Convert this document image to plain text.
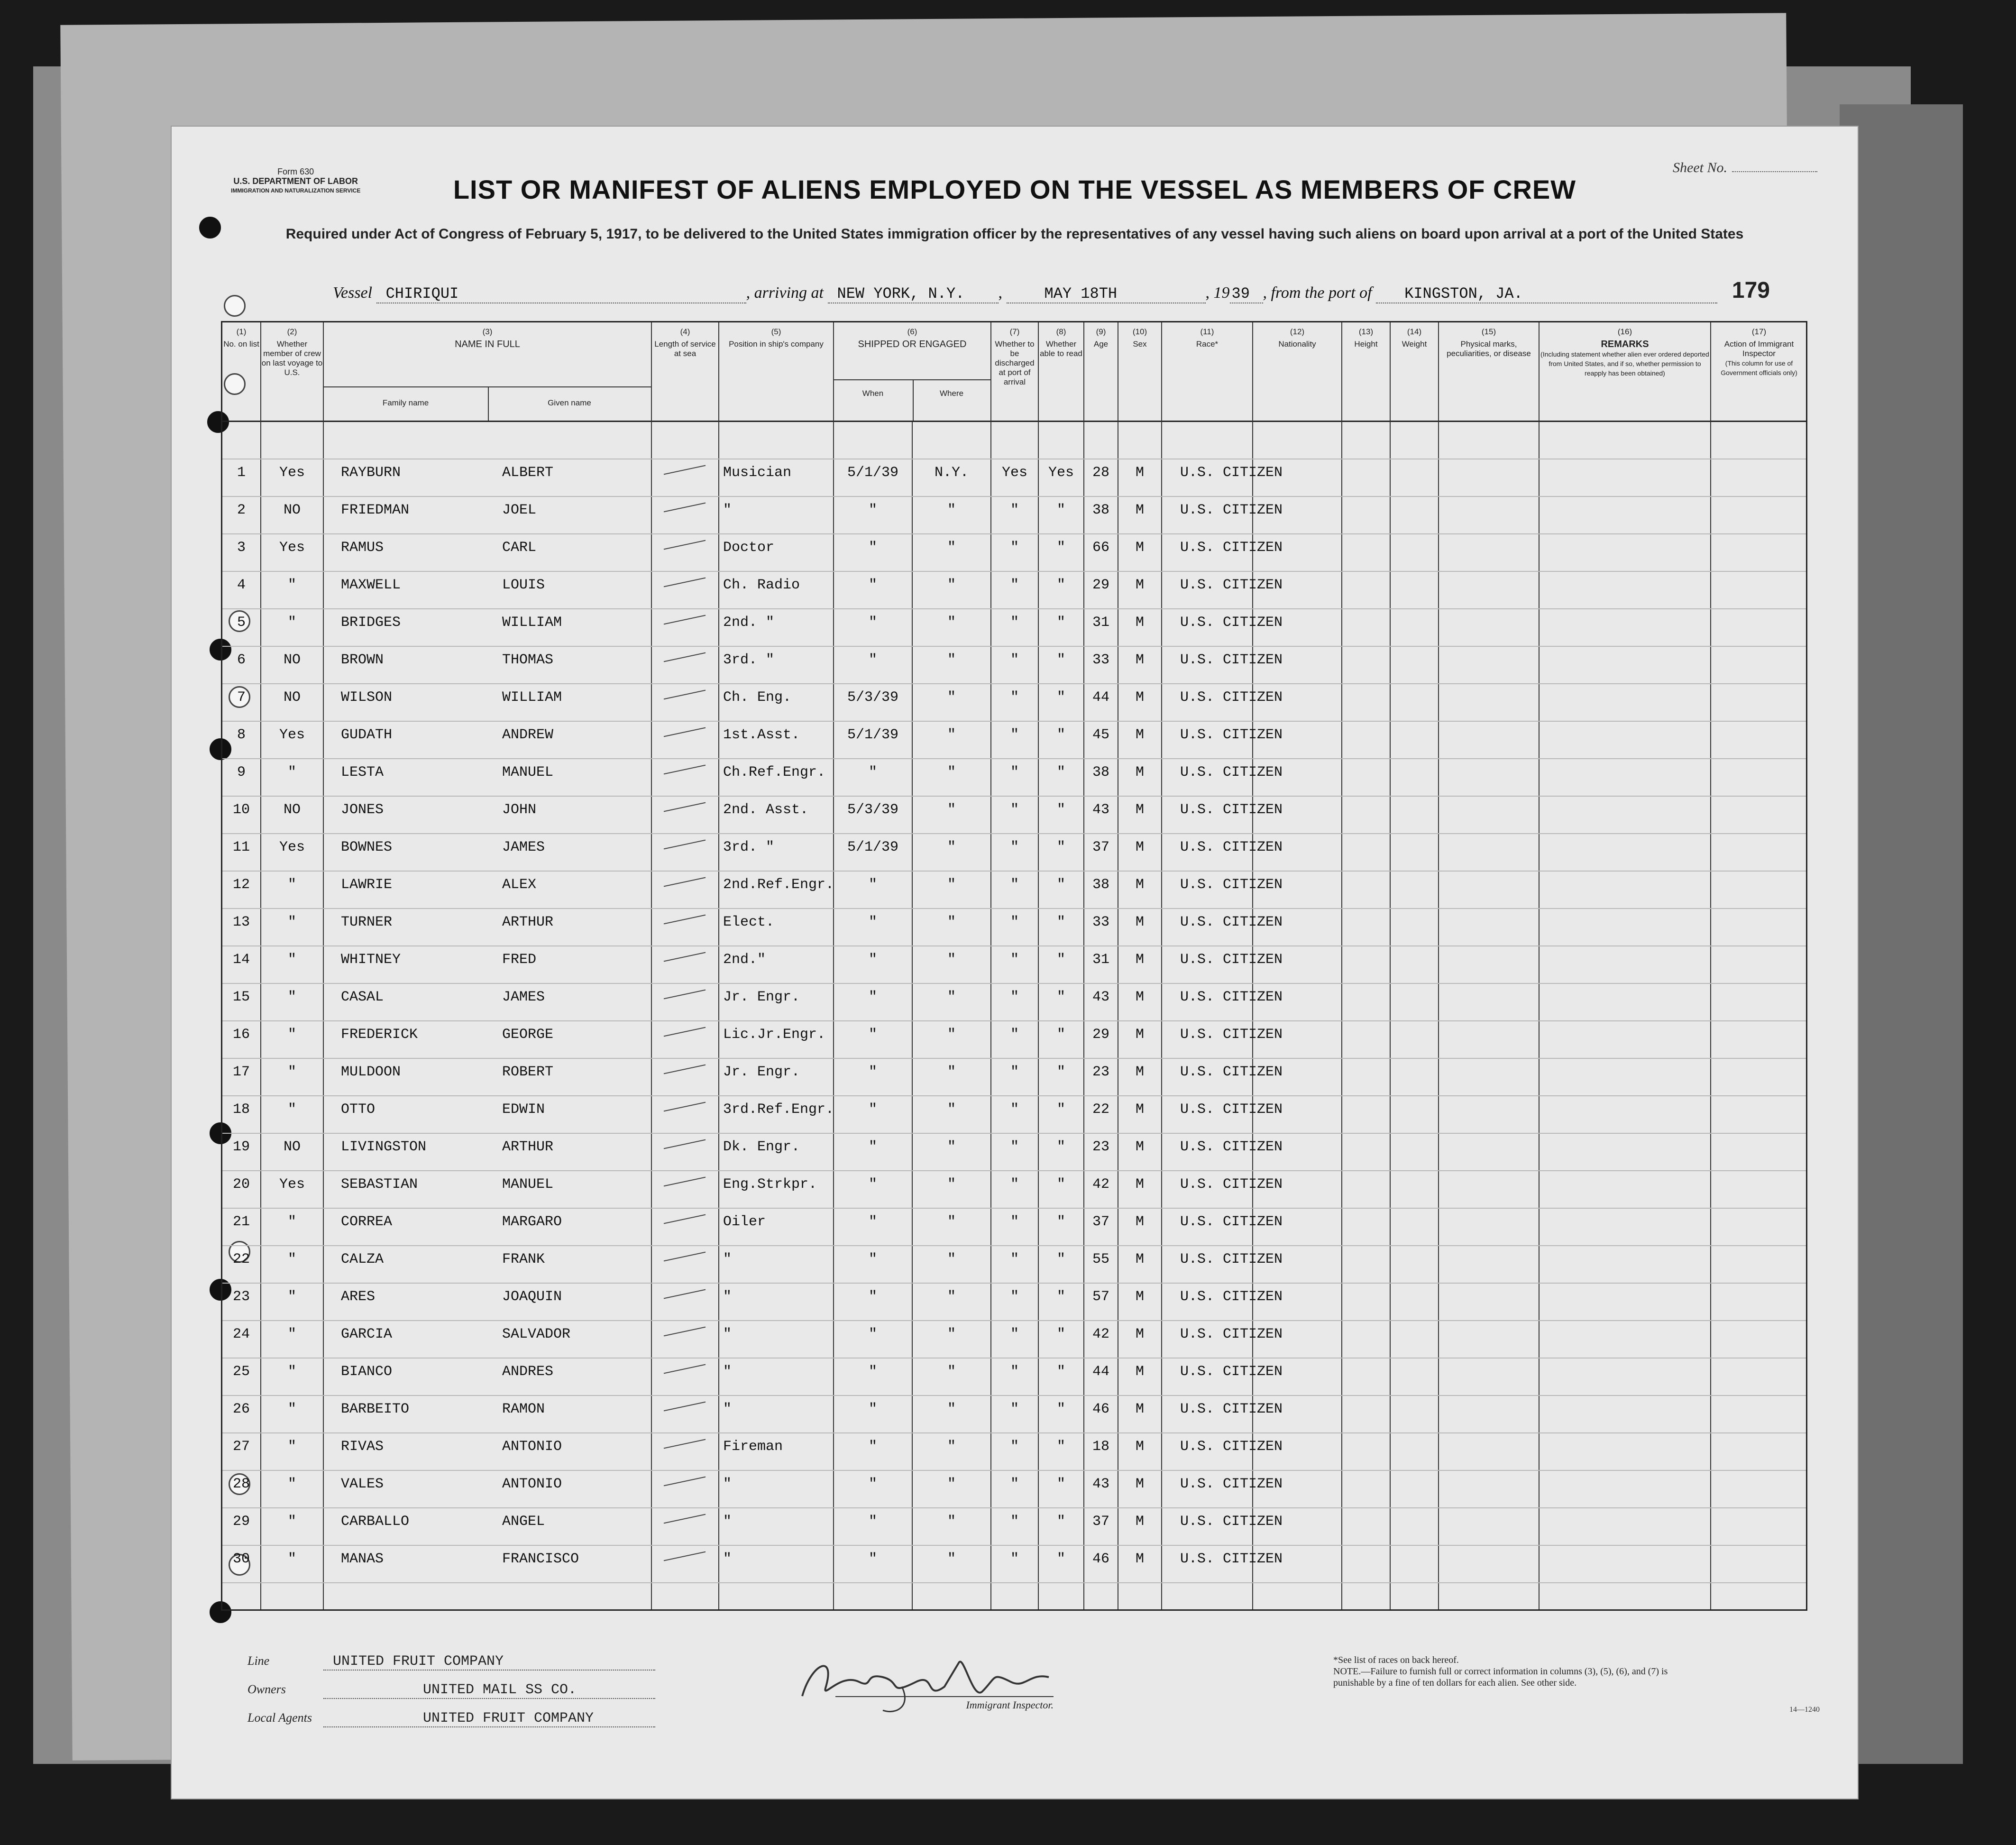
Form 630
U.S. DEPARTMENT OF LABOR
IMMIGRATION AND NATURALIZATION SERVICE
Sheet No.
LIST OR MANIFEST OF ALIENS EMPLOYED ON THE VESSEL AS MEMBERS OF CREW
Required under Act of Congress of February 5, 1917, to be delivered to the United States immigration officer by the representatives of any vessel having such aliens on board upon arrival at a port of the United States
Vessel CHIRIQUI	, arriving at NEW YORK, N.Y. ,	MAY 18TH	, 19 39 , from the port of KINGSTON, JA.	179
(1)
No. on list
(2)
Whether member of crew on last voyage to U.S.
(3)
NAME IN FULL
Family name	Given name
(4)
Length of service at sea
(5)
Position in ship's company
(6)
SHIPPED OR ENGAGED
When	Where
(7)
Whether to be discharged at port of arrival
(8)
Whether able to read
(9)
Age
(10)
Sex
(11)
Race*
(12)
Nationality
(13)
Height
(14)
Weight
(15)
Physical marks, peculiarities, or disease
(16)
REMARKS
(Including statement whether alien ever ordered deported from United States, and if so, whether permission to reapply has been obtained)
(17)
Action of Immigrant Inspector
(This column for use of Government officials only)
1	Yes	RAYBURN	ALBERT	Musician	5/1/39	N.Y.	Yes	Yes	28	M	U.S. CITIZEN
2	NO	FRIEDMAN	JOEL	"	"	"	"	"	38	M	U.S. CITIZEN
3	Yes	RAMUS	CARL	Doctor	"	"	"	"	66	M	U.S. CITIZEN
4	"	MAXWELL	LOUIS	Ch. Radio	"	"	"	"	29	M	U.S. CITIZEN
5	"	BRIDGES	WILLIAM	2nd. "	"	"	"	"	31	M	U.S. CITIZEN
6	NO	BROWN	THOMAS	3rd. "	"	"	"	"	33	M	U.S. CITIZEN
7	NO	WILSON	WILLIAM	Ch. Eng.	5/3/39	"	"	"	44	M	U.S. CITIZEN
8	Yes	GUDATH	ANDREW	1st.Asst.	5/1/39	"	"	"	45	M	U.S. CITIZEN
9	"	LESTA	MANUEL	Ch.Ref.Engr.	"	"	"	"	38	M	U.S. CITIZEN
10	NO	JONES	JOHN	2nd. Asst.	5/3/39	"	"	"	43	M	U.S. CITIZEN
11	Yes	BOWNES	JAMES	3rd. "	5/1/39	"	"	"	37	M	U.S. CITIZEN
12	"	LAWRIE	ALEX	2nd.Ref.Engr.	"	"	"	"	38	M	U.S. CITIZEN
13	"	TURNER	ARTHUR	Elect.	"	"	"	"	33	M	U.S. CITIZEN
14	"	WHITNEY	FRED	2nd."	"	"	"	"	31	M	U.S. CITIZEN
15	"	CASAL	JAMES	Jr. Engr.	"	"	"	"	43	M	U.S. CITIZEN
16	"	FREDERICK	GEORGE	Lic.Jr.Engr.	"	"	"	"	29	M	U.S. CITIZEN
17	"	MULDOON	ROBERT	Jr. Engr.	"	"	"	"	23	M	U.S. CITIZEN
18	"	OTTO	EDWIN	3rd.Ref.Engr.	"	"	"	"	22	M	U.S. CITIZEN
19	NO	LIVINGSTON	ARTHUR	Dk. Engr.	"	"	"	"	23	M	U.S. CITIZEN
20	Yes	SEBASTIAN	MANUEL	Eng.Strkpr.	"	"	"	"	42	M	U.S. CITIZEN
21	"	CORREA	MARGARO	Oiler	"	"	"	"	37	M	U.S. CITIZEN
22	"	CALZA	FRANK	"	"	"	"	"	55	M	U.S. CITIZEN
23	"	ARES	JOAQUIN	"	"	"	"	"	57	M	U.S. CITIZEN
24	"	GARCIA	SALVADOR	"	"	"	"	"	42	M	U.S. CITIZEN
25	"	BIANCO	ANDRES	"	"	"	"	"	44	M	U.S. CITIZEN
26	"	BARBEITO	RAMON	"	"	"	"	"	46	M	U.S. CITIZEN
27	"	RIVAS	ANTONIO	Fireman	"	"	"	"	18	M	U.S. CITIZEN
28	"	VALES	ANTONIO	"	"	"	"	"	43	M	U.S. CITIZEN
29	"	CARBALLO	ANGEL	"	"	"	"	"	37	M	U.S. CITIZEN
30	"	MANAS	FRANCISCO	"	"	"	"	"	46	M	U.S. CITIZEN
Line	UNITED FRUIT COMPANY
Owners	UNITED MAIL SS CO.
Local Agents	UNITED FRUIT COMPANY
Immigrant Inspector.
*See list of races on back hereof.
NOTE.—Failure to furnish full or correct information in columns (3), (5), (6), and (7) is punishable by a fine of ten dollars for each alien. See other side.
14—1240
